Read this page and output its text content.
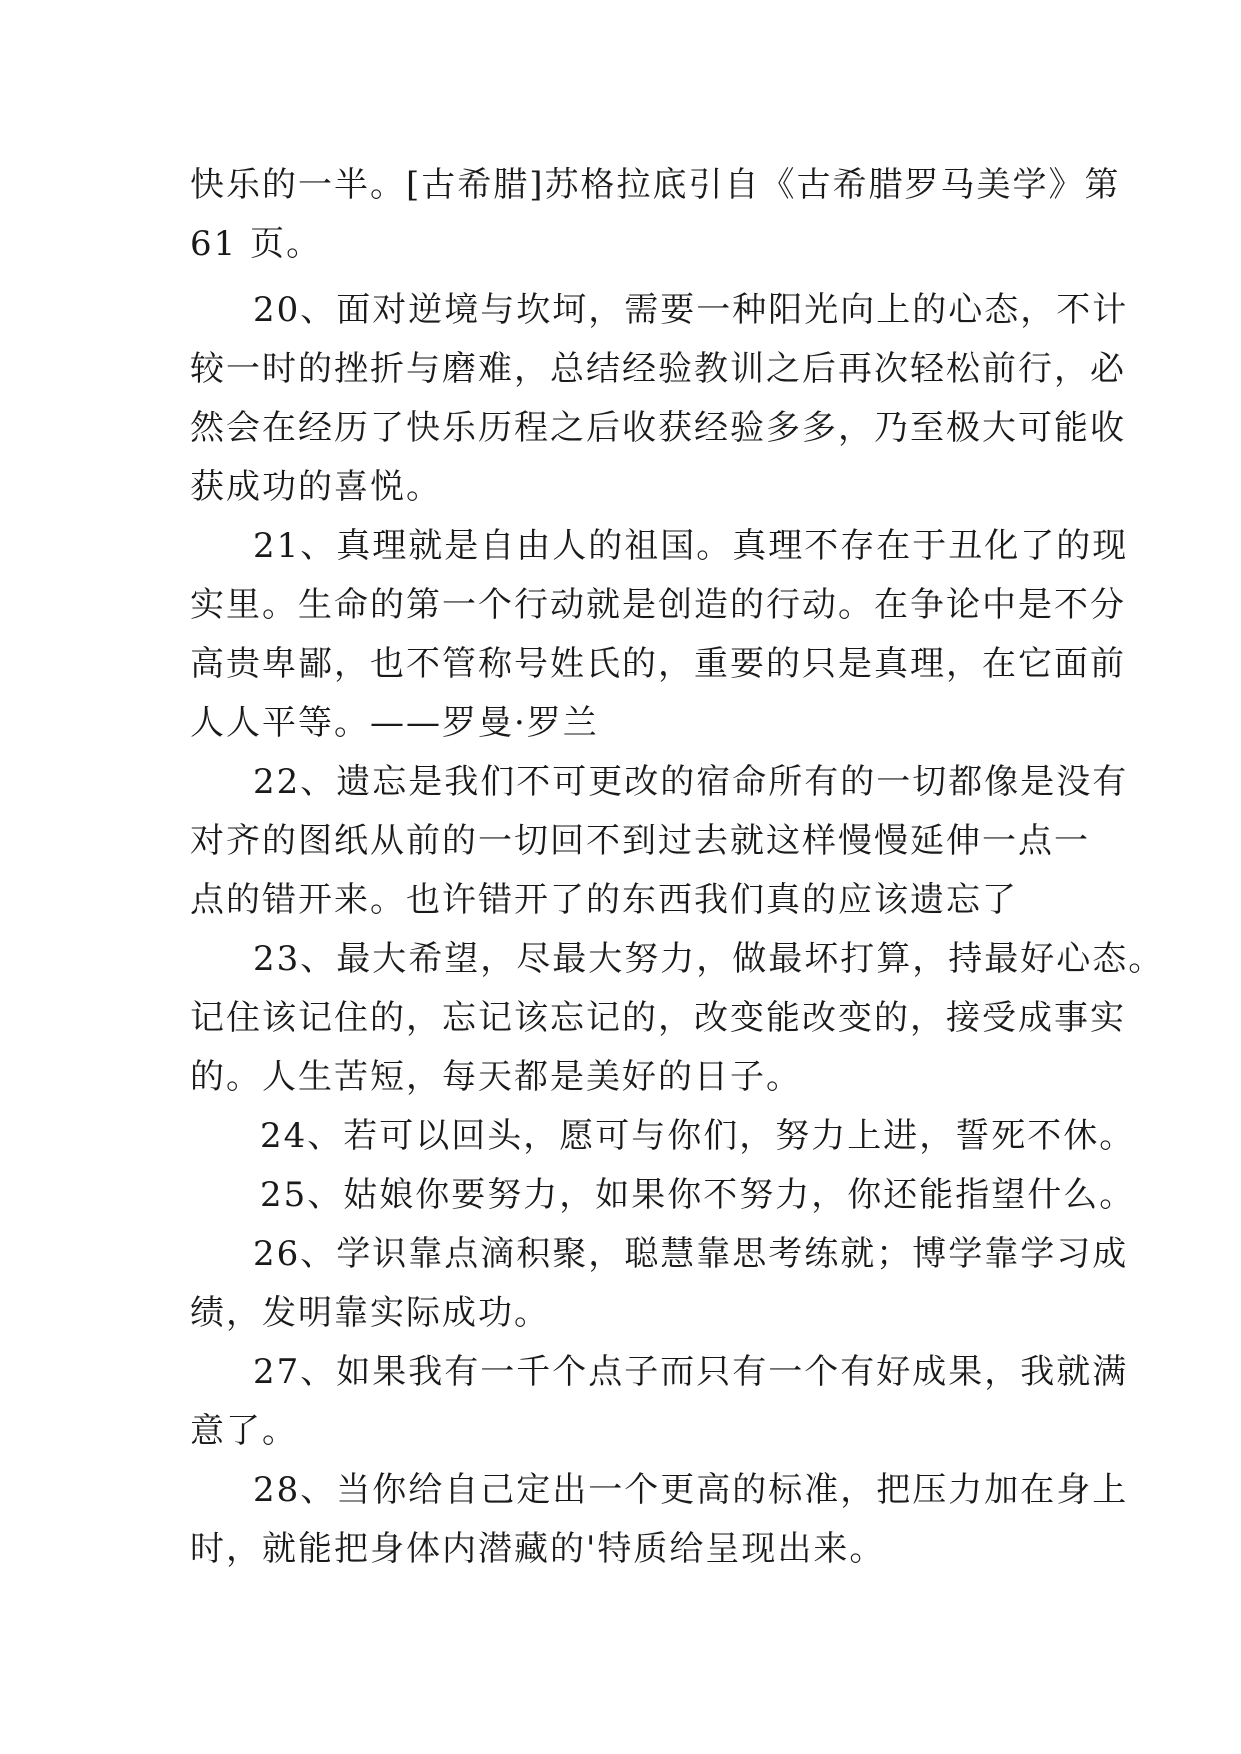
快乐的一半。[古希腊]苏格拉底引自《古希腊罗马美学》第
61 页。
20、面对逆境与坎坷，需要一种阳光向上的心态，不计
较一时的挫折与磨难，总结经验教训之后再次轻松前行，必
然会在经历了快乐历程之后收获经验多多，乃至极大可能收
获成功的喜悦。
21、真理就是自由人的祖国。真理不存在于丑化了的现
实里。生命的第一个行动就是创造的行动。在争论中是不分
高贵卑鄙，也不管称号姓氏的，重要的只是真理，在它面前
人人平等。——罗曼·罗兰
22、遗忘是我们不可更改的宿命所有的一切都像是没有
对齐的图纸从前的一切回不到过去就这样慢慢延伸一点一
点的错开来。也许错开了的东西我们真的应该遗忘了
23、最大希望，尽最大努力，做最坏打算，持最好心态。
记住该记住的，忘记该忘记的，改变能改变的，接受成事实
的。人生苦短，每天都是美好的日子。
24、若可以回头，愿可与你们，努力上进，誓死不休。
25、姑娘你要努力，如果你不努力，你还能指望什么。
26、学识靠点滴积聚，聪慧靠思考练就；博学靠学习成
绩，发明靠实际成功。
27、如果我有一千个点子而只有一个有好成果，我就满
意了。
28、当你给自己定出一个更高的标准，把压力加在身上
时，就能把身体内潜藏的'特质给呈现出来。
